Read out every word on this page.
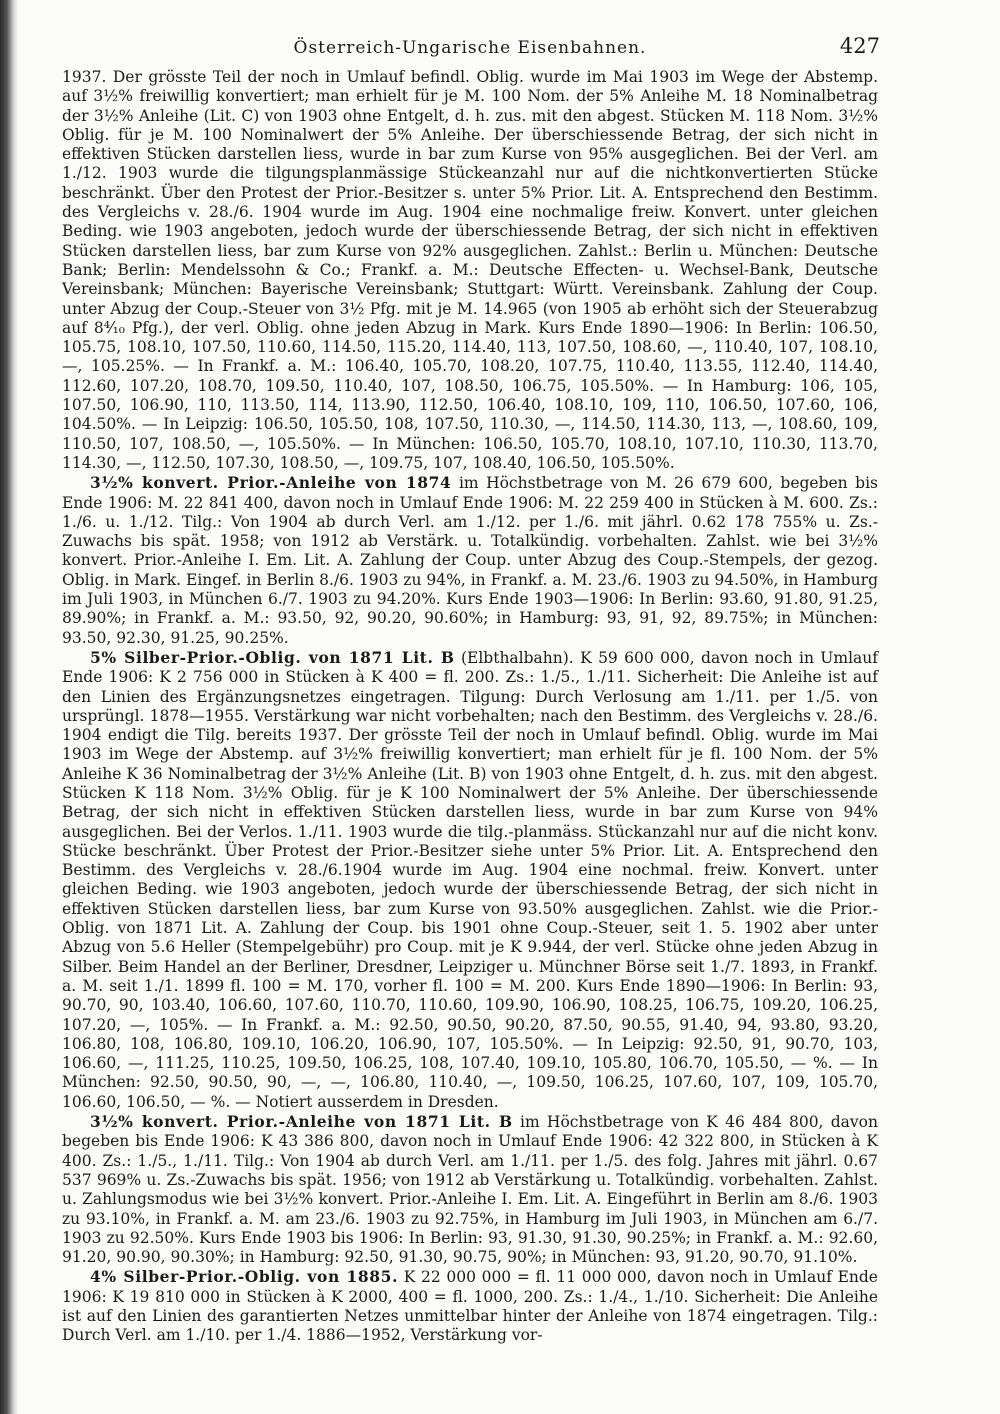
Österreich-Ungarische Eisenbahnen.	427

1937. Der grösste Teil der noch in Umlauf befindl. Oblig. wurde im Mai 1903 im Wege der Abstemp. auf 3½% freiwillig konvertiert; man erhielt für je M. 100 Nom. der 5% Anleihe M. 18 Nominalbetrag der 3½% Anleihe (Lit. C) von 1903 ohne Entgelt, d. h. zus. mit den abgest. Stücken M. 118 Nom. 3½% Oblig. für je M. 100 Nominalwert der 5% Anleihe. Der überschiessende Betrag, der sich nicht in effektiven Stücken darstellen liess, wurde in bar zum Kurse von 95% ausgeglichen. Bei der Verl. am 1./12. 1903 wurde die tilgungsplanmässige Stückeanzahl nur auf die nichtkonvertierten Stücke beschränkt. Über den Protest der Prior.-Besitzer s. unter 5% Prior. Lit. A. Entsprechend den Bestimm. des Vergleichs v. 28./6. 1904 wurde im Aug. 1904 eine nochmalige freiw. Konvert. unter gleichen Beding. wie 1903 angeboten, jedoch wurde der überschiessende Betrag, der sich nicht in effektiven Stücken darstellen liess, bar zum Kurse von 92% ausgeglichen. Zahlst.: Berlin u. München: Deutsche Bank; Berlin: Mendelssohn & Co.; Frankf. a. M.: Deutsche Effecten- u. Wechsel-Bank, Deutsche Vereinsbank; München: Bayerische Vereinsbank; Stuttgart: Württ. Vereinsbank. Zahlung der Coup. unter Abzug der Coup.-Steuer von 3½ Pfg. mit je M. 14.965 (von 1905 ab erhöht sich der Steuerabzug auf 8⁴⁄₁₀ Pfg.), der verl. Oblig. ohne jeden Abzug in Mark. Kurs Ende 1890—1906: In Berlin: 106.50, 105.75, 108.10, 107.50, 110.60, 114.50, 115.20, 114.40, 113, 107.50, 108.60, —, 110.40, 107, 108.10, —, 105.25%. — In Frankf. a. M.: 106.40, 105.70, 108.20, 107.75, 110.40, 113.55, 112.40, 114.40, 112.60, 107.20, 108.70, 109.50, 110.40, 107, 108.50, 106.75, 105.50%. — In Hamburg: 106, 105, 107.50, 106.90, 110, 113.50, 114, 113.90, 112.50, 106.40, 108.10, 109, 110, 106.50, 107.60, 106, 104.50%. — In Leipzig: 106.50, 105.50, 108, 107.50, 110.30, —, 114.50, 114.30, 113, —, 108.60, 109, 110.50, 107, 108.50, —, 105.50%. — In München: 106.50, 105.70, 108.10, 107.10, 110.30, 113.70, 114.30, —, 112.50, 107.30, 108.50, —, 109.75, 107, 108.40, 106.50, 105.50%.

3½% konvert. Prior.-Anleihe von 1874 im Höchstbetrage von M. 26 679 600, begeben bis Ende 1906: M. 22 841 400, davon noch in Umlauf Ende 1906: M. 22 259 400 in Stücken à M. 600. Zs.: 1./6. u. 1./12. Tilg.: Von 1904 ab durch Verl. am 1./12. per 1./6. mit jährl. 0.62 178 755% u. Zs.-Zuwachs bis spät. 1958; von 1912 ab Verstärk. u. Totalkündig. vorbehalten. Zahlst. wie bei 3½% konvert. Prior.-Anleihe I. Em. Lit. A. Zahlung der Coup. unter Abzug des Coup.-Stempels, der gezog. Oblig. in Mark. Eingef. in Berlin 8./6. 1903 zu 94%, in Frankf. a. M. 23./6. 1903 zu 94.50%, in Hamburg im Juli 1903, in München 6./7. 1903 zu 94.20%. Kurs Ende 1903—1906: In Berlin: 93.60, 91.80, 91.25, 89.90%; in Frankf. a. M.: 93.50, 92, 90.20, 90.60%; in Hamburg: 93, 91, 92, 89.75%; in München: 93.50, 92.30, 91.25, 90.25%.

5% Silber-Prior.-Oblig. von 1871 Lit. B (Elbthalbahn). K 59 600 000, davon noch in Umlauf Ende 1906: K 2 756 000 in Stücken à K 400 = fl. 200. Zs.: 1./5., 1./11. Sicherheit: Die Anleihe ist auf den Linien des Ergänzungsnetzes eingetragen. Tilgung: Durch Verlosung am 1./11. per 1./5. von ursprüngl. 1878—1955. Verstärkung war nicht vorbehalten; nach den Bestimm. des Vergleichs v. 28./6. 1904 endigt die Tilg. bereits 1937. Der grösste Teil der noch in Umlauf befindl. Oblig. wurde im Mai 1903 im Wege der Abstemp. auf 3½% freiwillig konvertiert; man erhielt für je fl. 100 Nom. der 5% Anleihe K 36 Nominalbetrag der 3½% Anleihe (Lit. B) von 1903 ohne Entgelt, d. h. zus. mit den abgest. Stücken K 118 Nom. 3½% Oblig. für je K 100 Nominalwert der 5% Anleihe. Der überschiessende Betrag, der sich nicht in effektiven Stücken darstellen liess, wurde in bar zum Kurse von 94% ausgeglichen. Bei der Verlos. 1./11. 1903 wurde die tilg.-planmäss. Stückanzahl nur auf die nicht konv. Stücke beschränkt. Über Protest der Prior.-Besitzer siehe unter 5% Prior. Lit. A. Entsprechend den Bestimm. des Vergleichs v. 28./6.1904 wurde im Aug. 1904 eine nochmal. freiw. Konvert. unter gleichen Beding. wie 1903 angeboten, jedoch wurde der überschiessende Betrag, der sich nicht in effektiven Stücken darstellen liess, bar zum Kurse von 93.50% ausgeglichen. Zahlst. wie die Prior.-Oblig. von 1871 Lit. A. Zahlung der Coup. bis 1901 ohne Coup.-Steuer, seit 1. 5. 1902 aber unter Abzug von 5.6 Heller (Stempelgebühr) pro Coup. mit je K 9.944, der verl. Stücke ohne jeden Abzug in Silber. Beim Handel an der Berliner, Dresdner, Leipziger u. Münchner Börse seit 1./7. 1893, in Frankf. a. M. seit 1./1. 1899 fl. 100 = M. 170, vorher fl. 100 = M. 200. Kurs Ende 1890—1906: In Berlin: 93, 90.70, 90, 103.40, 106.60, 107.60, 110.70, 110.60, 109.90, 106.90, 108.25, 106.75, 109.20, 106.25, 107.20, —, 105%. — In Frankf. a. M.: 92.50, 90.50, 90.20, 87.50, 90.55, 91.40, 94, 93.80, 93.20, 106.80, 108, 106.80, 109.10, 106.20, 106.90, 107, 105.50%. — In Leipzig: 92.50, 91, 90.70, 103, 106.60, —, 111.25, 110.25, 109.50, 106.25, 108, 107.40, 109.10, 105.80, 106.70, 105.50, — %. — In München: 92.50, 90.50, 90, —, —, 106.80, 110.40, —, 109.50, 106.25, 107.60, 107, 109, 105.70, 106.60, 106.50, — %. — Notiert ausserdem in Dresden.

3½% konvert. Prior.-Anleihe von 1871 Lit. B im Höchstbetrage von K 46 484 800, davon begeben bis Ende 1906: K 43 386 800, davon noch in Umlauf Ende 1906: 42 322 800, in Stücken à K 400. Zs.: 1./5., 1./11. Tilg.: Von 1904 ab durch Verl. am 1./11. per 1./5. des folg. Jahres mit jährl. 0.67 537 969% u. Zs.-Zuwachs bis spät. 1956; von 1912 ab Verstärkung u. Totalkündig. vorbehalten. Zahlst. u. Zahlungsmodus wie bei 3½% konvert. Prior.-Anleihe I. Em. Lit. A. Eingeführt in Berlin am 8./6. 1903 zu 93.10%, in Frankf. a. M. am 23./6. 1903 zu 92.75%, in Hamburg im Juli 1903, in München am 6./7. 1903 zu 92.50%. Kurs Ende 1903 bis 1906: In Berlin: 93, 91.30, 91.30, 90.25%; in Frankf. a. M.: 92.60, 91.20, 90.90, 90.30%; in Hamburg: 92.50, 91.30, 90.75, 90%; in München: 93, 91.20, 90.70, 91.10%.

4% Silber-Prior.-Oblig. von 1885. K 22 000 000 = fl. 11 000 000, davon noch in Umlauf Ende 1906: K 19 810 000 in Stücken à K 2000, 400 = fl. 1000, 200. Zs.: 1./4., 1./10. Sicherheit: Die Anleihe ist auf den Linien des garantierten Netzes unmittelbar hinter der Anleihe von 1874 eingetragen. Tilg.: Durch Verl. am 1./10. per 1./4. 1886—1952, Verstärkung vor-
